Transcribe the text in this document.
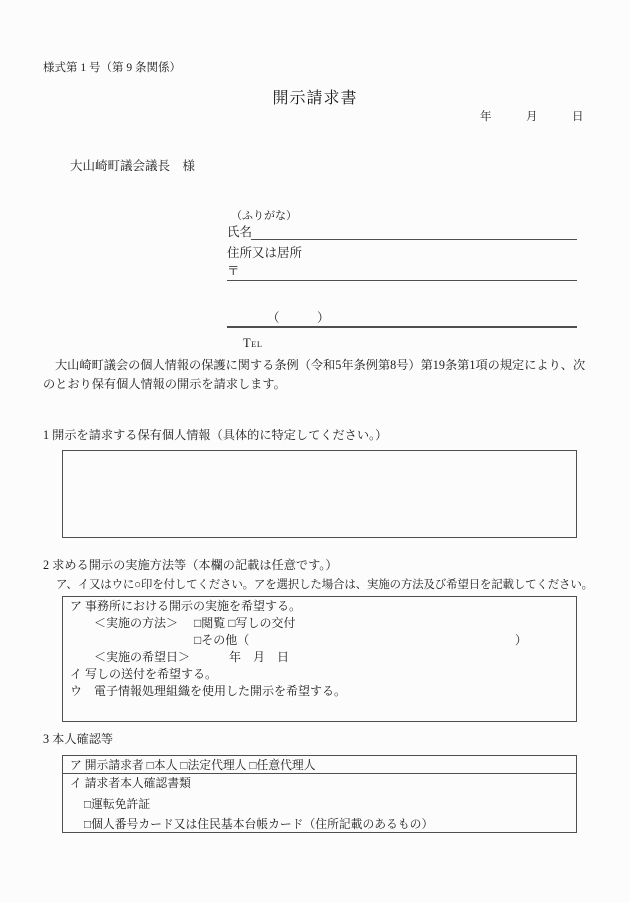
様式第 1 号（第 9 条関係）
開示請求書
年　　　月　　　日
大山崎町議会議長　様
（ふりがな）
氏名
住所又は居所
〒

TEL

（　　　）
大山崎町議会の個人情報の保護に関する条例（令和5年条例第8号）第19条第1項の規定により、次のとおり保有個人情報の開示を請求します。
1 開示を請求する保有個人情報（具体的に特定してください。）
2 求める開示の実施方法等（本欄の記載は任意です。）
ア、イ又はウに○印を付してください。アを選択した場合は、実施の方法及び希望日を記載してください。
ア 事務所における開示の実施を希望する。
＜実施の方法＞ □閲覧 □写しの交付
□その他（	）
＜実施の希望日＞	年　月　日
イ 写しの送付を希望する。
ウ　電子情報処理組織を使用した開示を希望する。
3 本人確認等
ア 開示請求者 □本人 □法定代理人 □任意代理人
イ 請求者本人確認書類
□運転免許証
□個人番号カード又は住民基本台帳カード（住所記載のあるもの）
